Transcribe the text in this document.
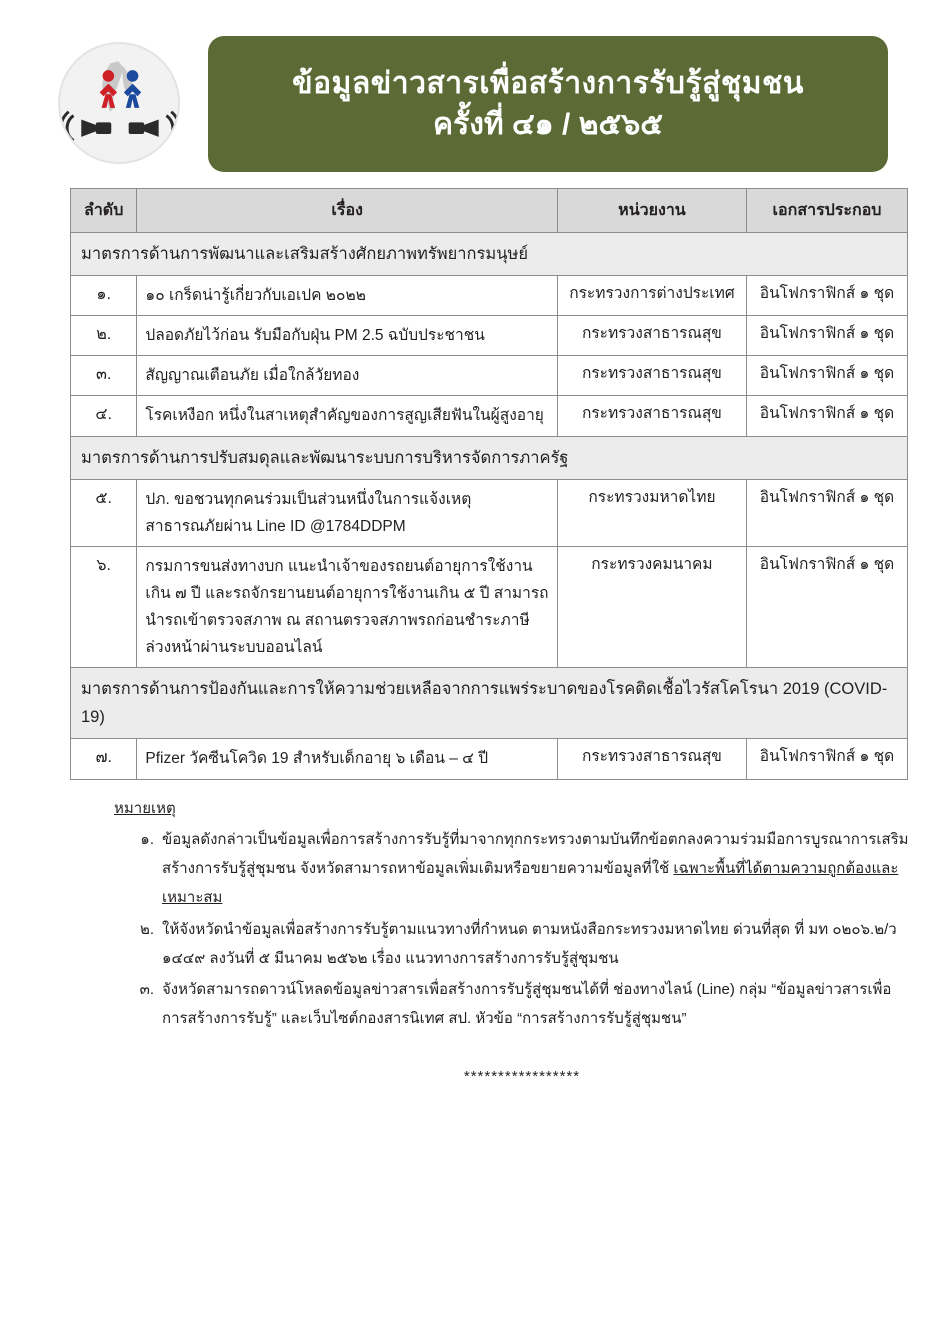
ข้อมูลข่าวสารเพื่อสร้างการรับรู้สู่ชุมชน
ครั้งที่ ๔๑ / ๒๕๖๕
ลำดับ	เรื่อง	หน่วยงาน	เอกสารประกอบ
มาตรการด้านการพัฒนาและเสริมสร้างศักยภาพทรัพยากรมนุษย์			
๑.	๑๐ เกร็ดน่ารู้เกี่ยวกับเอเปค ๒๐๒๒	กระทรวงการต่างประเทศ	อินโฟกราฟิกส์ ๑ ชุด
๒.	ปลอดภัยไว้ก่อน รับมือกับฝุ่น PM 2.5 ฉบับประชาชน	กระทรวงสาธารณสุข	อินโฟกราฟิกส์ ๑ ชุด
๓.	สัญญาณเตือนภัย เมื่อใกล้วัยทอง	กระทรวงสาธารณสุข	อินโฟกราฟิกส์ ๑ ชุด
๔.	โรคเหงือก หนึ่งในสาเหตุสำคัญของการสูญเสียฟันในผู้สูงอายุ	กระทรวงสาธารณสุข	อินโฟกราฟิกส์ ๑ ชุด
มาตรการด้านการปรับสมดุลและพัฒนาระบบการบริหารจัดการภาครัฐ			
๕.	ปภ. ขอชวนทุกคนร่วมเป็นส่วนหนึ่งในการแจ้งเหตุสาธารณภัยผ่าน Line ID @1784DDPM	กระทรวงมหาดไทย	อินโฟกราฟิกส์ ๑ ชุด
๖.	กรมการขนส่งทางบก แนะนำเจ้าของรถยนต์อายุการใช้งานเกิน ๗ ปี และรถจักรยานยนต์อายุการใช้งานเกิน ๕ ปี สามารถนำรถเข้าตรวจสภาพ ณ สถานตรวจสภาพรถก่อนชำระภาษีล่วงหน้าผ่านระบบออนไลน์	กระทรวงคมนาคม	อินโฟกราฟิกส์ ๑ ชุด
มาตรการด้านการป้องกันและการให้ความช่วยเหลือจากการแพร่ระบาดของโรคติดเชื้อไวรัสโคโรนา 2019 (COVID-19)			
๗.	Pfizer วัคซีนโควิด 19 สำหรับเด็กอายุ ๖ เดือน – ๔ ปี	กระทรวงสาธารณสุข	อินโฟกราฟิกส์ ๑ ชุด
หมายเหตุ
๑. ข้อมูลดังกล่าวเป็นข้อมูลเพื่อการสร้างการรับรู้ที่มาจากทุกกระทรวงตามบันทึกข้อตกลงความร่วมมือการบูรณาการเสริมสร้างการรับรู้สู่ชุมชน จังหวัดสามารถหาข้อมูลเพิ่มเติมหรือขยายความข้อมูลที่ใช้ เฉพาะพื้นที่ได้ตามความถูกต้องและเหมาะสม
๒. ให้จังหวัดนำข้อมูลเพื่อสร้างการรับรู้ตามแนวทางที่กำหนด ตามหนังสือกระทรวงมหาดไทย ด่วนที่สุด ที่ มท ๐๒๐๖.๒/ว ๑๔๔๙ ลงวันที่ ๕ มีนาคม ๒๕๖๒ เรื่อง แนวทางการสร้างการรับรู้สู่ชุมชน
๓. จังหวัดสามารถดาวน์โหลดข้อมูลข่าวสารเพื่อสร้างการรับรู้สู่ชุมชนได้ที่ ช่องทางไลน์ (Line) กลุ่ม “ข้อมูลข่าวสารเพื่อการสร้างการรับรู้” และเว็บไซต์กองสารนิเทศ สป. หัวข้อ “การสร้างการรับรู้สู่ชุมชน”
*****************
